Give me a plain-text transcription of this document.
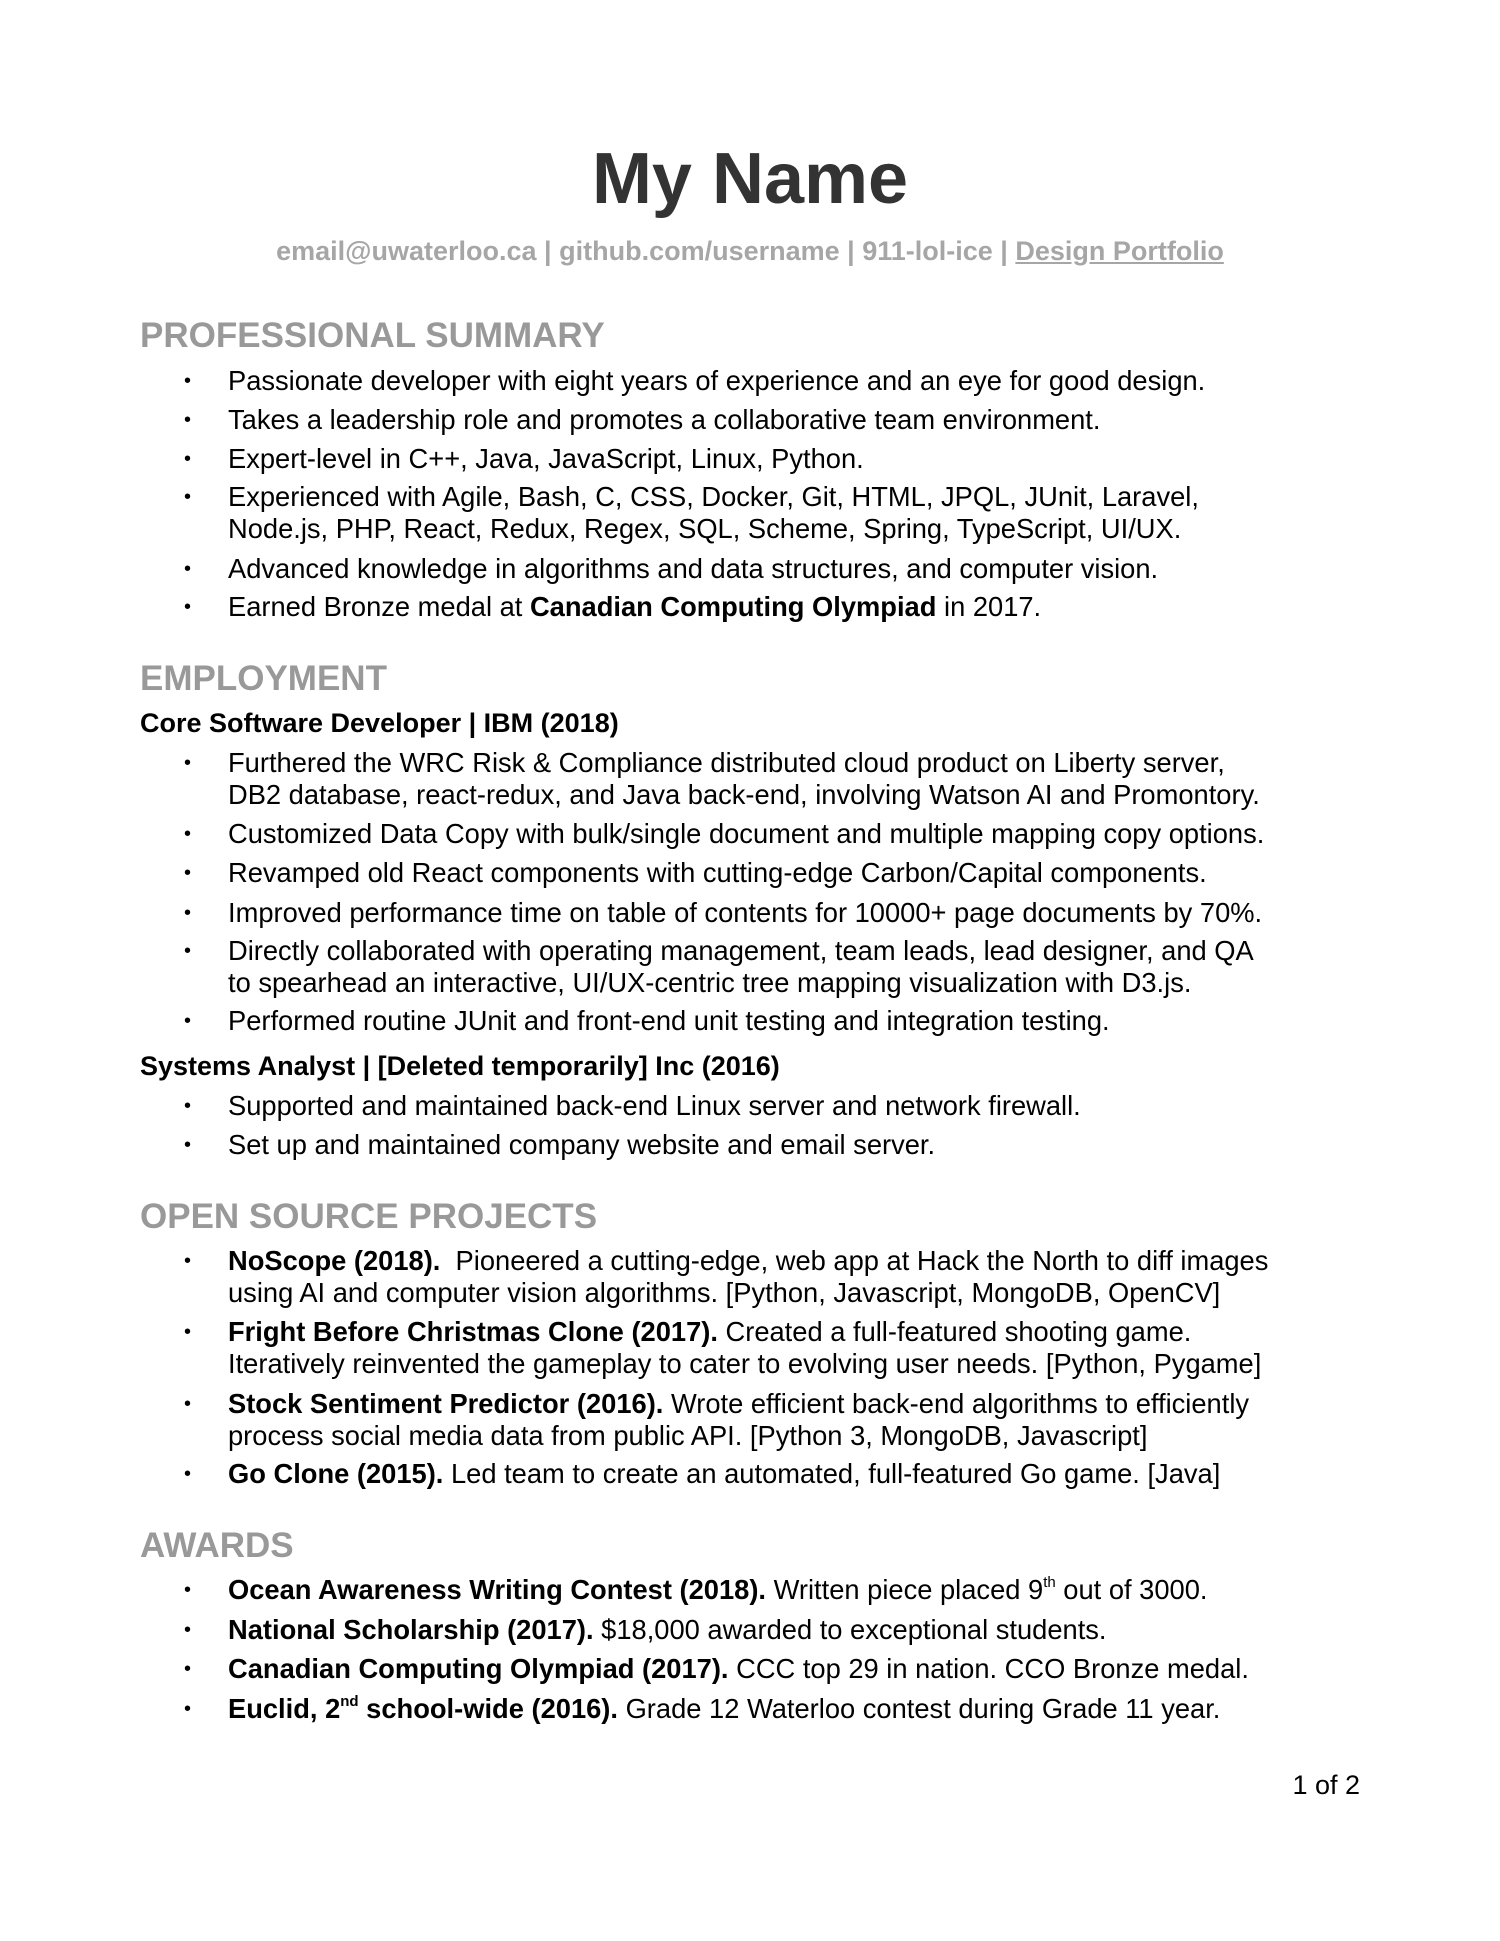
My Name
email@uwaterloo.ca | github.com/username | 911-lol-ice | Design Portfolio
PROFESSIONAL SUMMARY
• Passionate developer with eight years of experience and an eye for good design.
• Takes a leadership role and promotes a collaborative team environment.
• Expert-level in C++, Java, JavaScript, Linux, Python.
• Experienced with Agile, Bash, C, CSS, Docker, Git, HTML, JPQL, JUnit, Laravel,
Node.js, PHP, React, Redux, Regex, SQL, Scheme, Spring, TypeScript, UI/UX.
• Advanced knowledge in algorithms and data structures, and computer vision.
• Earned Bronze medal at Canadian Computing Olympiad in 2017.
EMPLOYMENT
Core Software Developer | IBM (2018)
• Furthered the WRC Risk & Compliance distributed cloud product on Liberty server,
DB2 database, react-redux, and Java back-end, involving Watson AI and Promontory.
• Customized Data Copy with bulk/single document and multiple mapping copy options.
• Revamped old React components with cutting-edge Carbon/Capital components.
• Improved performance time on table of contents for 10000+ page documents by 70%.
• Directly collaborated with operating management, team leads, lead designer, and QA
to spearhead an interactive, UI/UX-centric tree mapping visualization with D3.js.
• Performed routine JUnit and front-end unit testing and integration testing.
Systems Analyst | [Deleted temporarily] Inc (2016)
• Supported and maintained back-end Linux server and network firewall.
• Set up and maintained company website and email server.
OPEN SOURCE PROJECTS
• NoScope (2018).  Pioneered a cutting-edge, web app at Hack the North to diff images
using AI and computer vision algorithms. [Python, Javascript, MongoDB, OpenCV]
• Fright Before Christmas Clone (2017). Created a full-featured shooting game.
Iteratively reinvented the gameplay to cater to evolving user needs. [Python, Pygame]
• Stock Sentiment Predictor (2016). Wrote efficient back-end algorithms to efficiently
process social media data from public API. [Python 3, MongoDB, Javascript]
• Go Clone (2015). Led team to create an automated, full-featured Go game. [Java]
AWARDS
• Ocean Awareness Writing Contest (2018). Written piece placed 9th out of 3000.
• National Scholarship (2017). $18,000 awarded to exceptional students.
• Canadian Computing Olympiad (2017). CCC top 29 in nation. CCO Bronze medal.
• Euclid, 2nd school-wide (2016). Grade 12 Waterloo contest during Grade 11 year.
1 of 2
